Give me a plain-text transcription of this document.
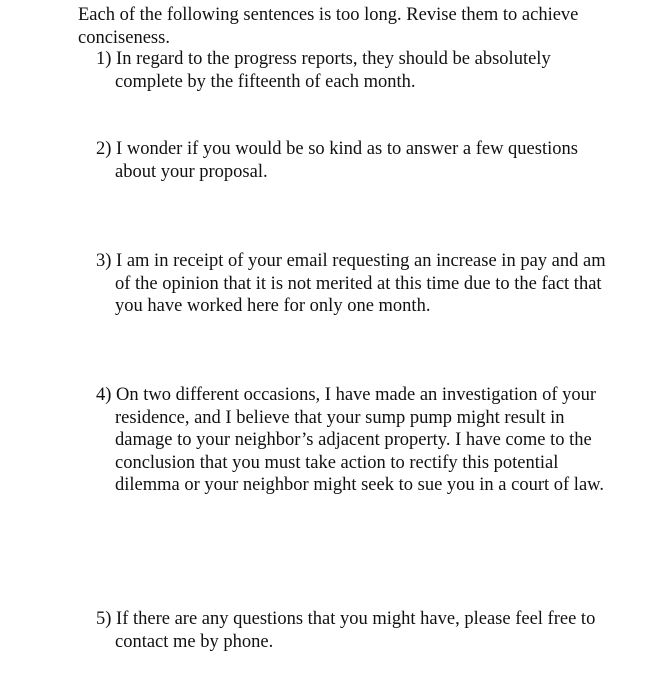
Each of the following sentences is too long. Revise them to achieve conciseness.

1) In regard to the progress reports, they should be absolutely complete by the fifteenth of each month.

2) I wonder if you would be so kind as to answer a few questions about your proposal.

3) I am in receipt of your email requesting an increase in pay and am of the opinion that it is not merited at this time due to the fact that you have worked here for only one month.

4) On two different occasions, I have made an investigation of your residence, and I believe that your sump pump might result in damage to your neighbor’s adjacent property. I have come to the conclusion that you must take action to rectify this potential dilemma or your neighbor might seek to sue you in a court of law.

5) If there are any questions that you might have, please feel free to contact me by phone.
